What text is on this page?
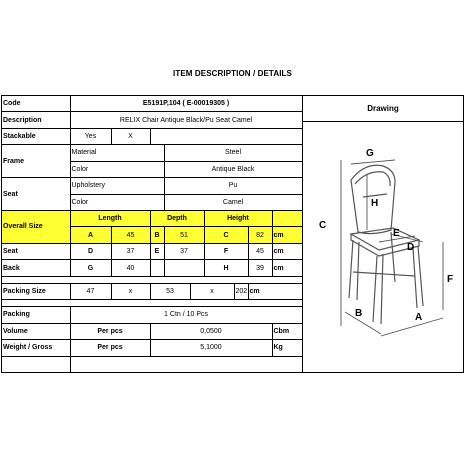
ITEM DESCRIPTION / DETAILS
Code	E5191P,104 ( E-00019305 )								
Description	RELIX Chair Antique Black/Pu Seat Camel								
Stackable	Yes	X							
Frame	Material			Steel					
	Color			Antique Black					
Seat	Upholstery			Pu					
	Color			Camel					
Overall Size	Length		Depth			Height			
	A	45	B	51		C		82	cm
Seat	D	37	E	37		F		45	cm
Back	G	40				H		39	cm

Packing Size	47	x	53		x		202	cm	

Packing	1 Ctn / 10 Pcs								
Volume	Per pcs		0,0500						Cbm
Weight / Gross	Per pcs		5,1000						Kg

Drawing
C
H
G
E
D
F
A
B
